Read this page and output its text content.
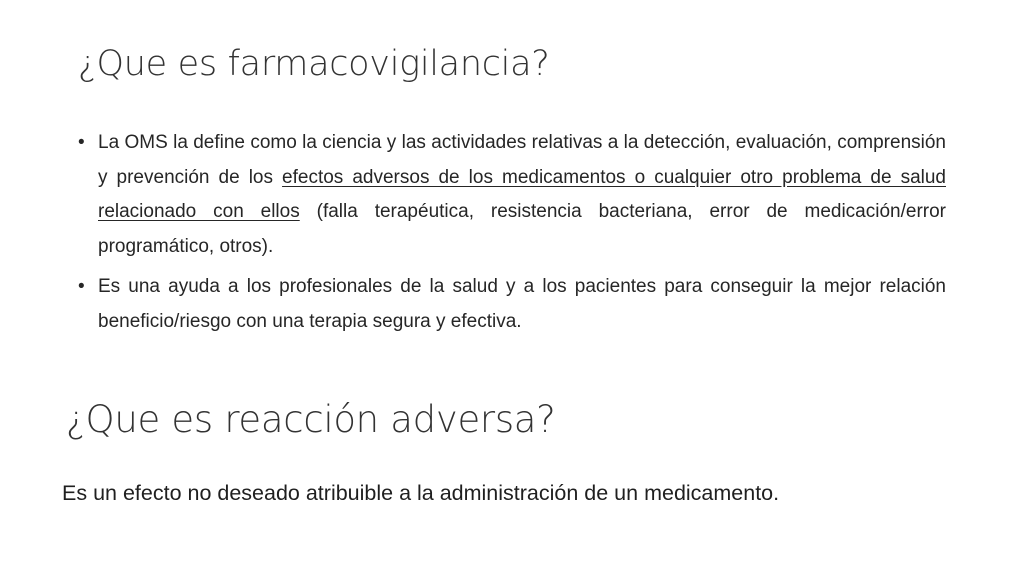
¿Que es farmacovigilancia?
• La OMS la define como la ciencia y las actividades relativas a la detección, evaluación, comprensión y prevención de los efectos adversos de los medicamentos o cualquier otro problema de salud relacionado con ellos (falla terapéutica, resistencia bacteriana, error de medicación/error programático, otros).
• Es una ayuda a los profesionales de la salud y a los pacientes para conseguir la mejor relación beneficio/riesgo con una terapia segura y efectiva.
¿Que es reacción adversa?
Es un efecto no deseado atribuible a la administración de un medicamento.
